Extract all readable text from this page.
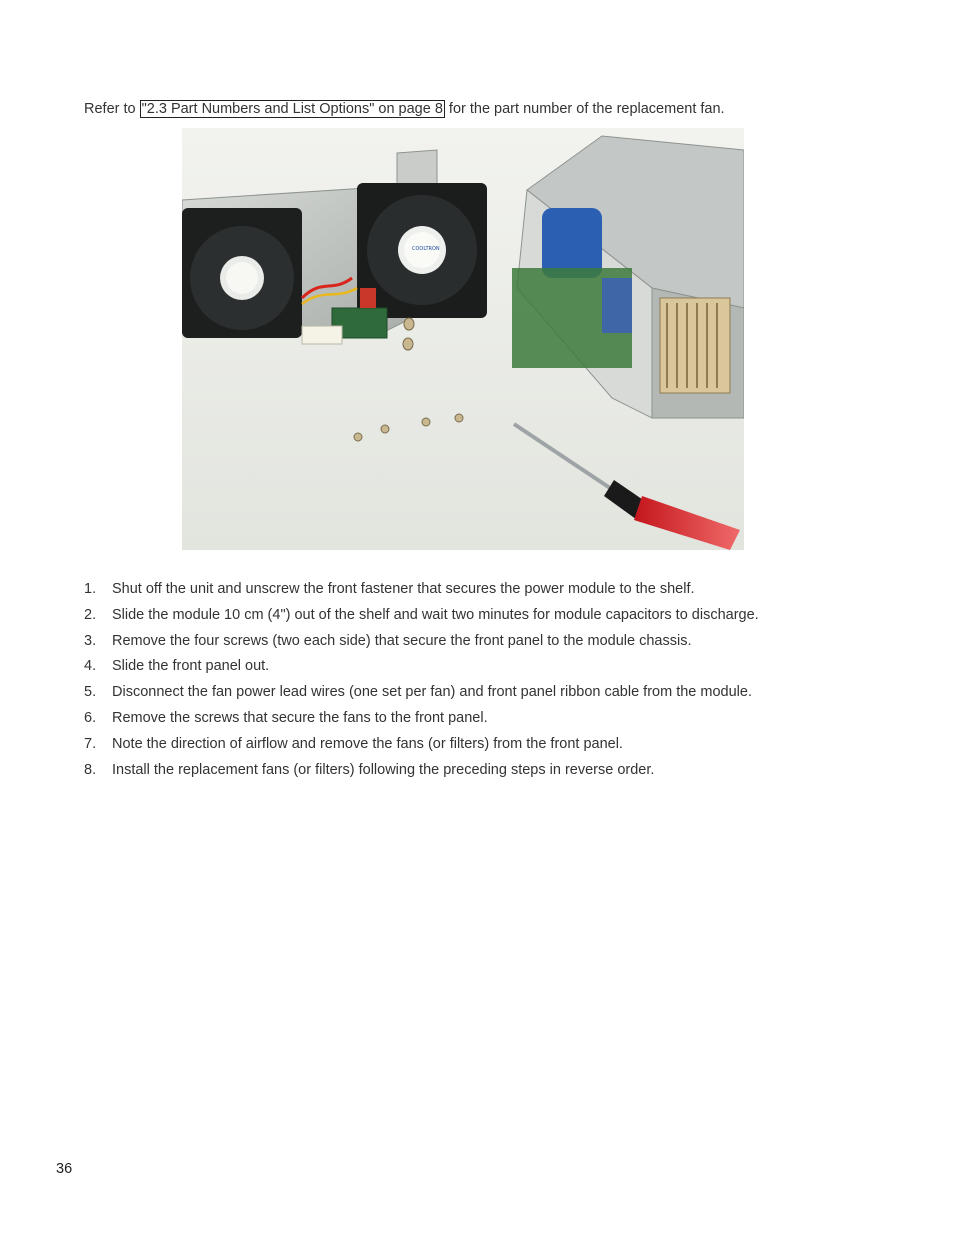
Refer to "2.3 Part Numbers and List Options" on page 8 for the part number of the replacement fan.

COOLTRON
1. Shut off the unit and unscrew the front fastener that secures the power module to the shelf.
2. Slide the module 10 cm (4") out of the shelf and wait two minutes for module capacitors to discharge.
3. Remove the four screws (two each side) that secure the front panel to the module chassis.
4. Slide the front panel out.
5. Disconnect the fan power lead wires (one set per fan) and front panel ribbon cable from the module.
6. Remove the screws that secure the fans to the front panel.
7. Note the direction of airflow and remove the fans (or filters) from the front panel.
8. Install the replacement fans (or filters) following the preceding steps in reverse order.
36
